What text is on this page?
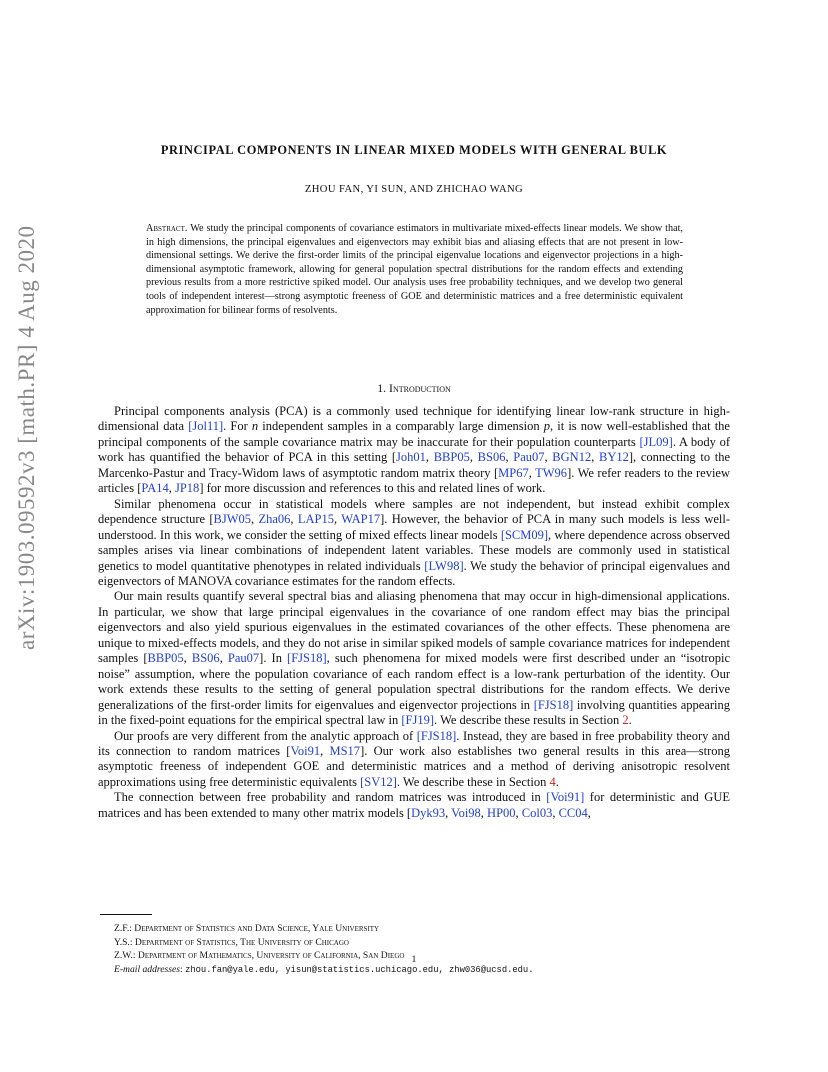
arXiv:1903.09592v3 [math.PR] 4 Aug 2020
PRINCIPAL COMPONENTS IN LINEAR MIXED MODELS WITH GENERAL BULK
ZHOU FAN, YI SUN, AND ZHICHAO WANG
Abstract. We study the principal components of covariance estimators in multivariate mixed-effects linear models. We show that, in high dimensions, the principal eigenvalues and eigenvectors may exhibit bias and aliasing effects that are not present in low-dimensional settings. We derive the first-order limits of the principal eigenvalue locations and eigenvector projections in a high-dimensional asymptotic framework, allowing for general population spectral distributions for the random effects and extending previous results from a more restrictive spiked model. Our analysis uses free probability techniques, and we develop two general tools of independent interest—strong asymptotic freeness of GOE and deterministic matrices and a free deterministic equivalent approximation for bilinear forms of resolvents.
1. Introduction

Principal components analysis (PCA) is a commonly used technique for identifying linear low-rank structure in high-dimensional data [Jol11]. For n independent samples in a comparably large dimension p, it is now well-established that the principal components of the sample covariance matrix may be inaccurate for their population counterparts [JL09]. A body of work has quantified the behavior of PCA in this setting [Joh01, BBP05, BS06, Pau07, BGN12, BY12], connecting to the Marcenko-Pastur and Tracy-Widom laws of asymptotic random matrix theory [MP67, TW96]. We refer readers to the review articles [PA14, JP18] for more discussion and references to this and related lines of work.

Similar phenomena occur in statistical models where samples are not independent, but instead exhibit complex dependence structure [BJW05, Zha06, LAP15, WAP17]. However, the behavior of PCA in many such models is less well-understood. In this work, we consider the setting of mixed effects linear models [SCM09], where dependence across observed samples arises via linear combinations of independent latent variables. These models are commonly used in statistical genetics to model quantitative phenotypes in related individuals [LW98]. We study the behavior of principal eigenvalues and eigenvectors of MANOVA covariance estimates for the random effects.

Our main results quantify several spectral bias and aliasing phenomena that may occur in high-dimensional applications. In particular, we show that large principal eigenvalues in the covariance of one random effect may bias the principal eigenvectors and also yield spurious eigenvalues in the estimated covariances of the other effects. These phenomena are unique to mixed-effects models, and they do not arise in similar spiked models of sample covariance matrices for independent samples [BBP05, BS06, Pau07]. In [FJS18], such phenomena for mixed models were first described under an “isotropic noise” assumption, where the population covariance of each random effect is a low-rank perturbation of the identity. Our work extends these results to the setting of general population spectral distributions for the random effects. We derive generalizations of the first-order limits for eigenvalues and eigenvector projections in [FJS18] involving quantities appearing in the fixed-point equations for the empirical spectral law in [FJ19]. We describe these results in Section 2.

Our proofs are very different from the analytic approach of [FJS18]. Instead, they are based in free probability theory and its connection to random matrices [Voi91, MS17]. Our work also establishes two general results in this area—strong asymptotic freeness of independent GOE and deterministic matrices and a method of deriving anisotropic resolvent approximations using free deterministic equivalents [SV12]. We describe these in Section 4.

The connection between free probability and random matrices was introduced in [Voi91] for deterministic and GUE matrices and has been extended to many other matrix models [Dyk93, Voi98, HP00, Col03, CC04,

Z.F.: Department of Statistics and Data Science, Yale University
Y.S.: Department of Statistics, The University of Chicago
Z.W.: Department of Mathematics, University of California, San Diego
E-mail addresses: zhou.fan@yale.edu, yisun@statistics.uchicago.edu, zhw036@ucsd.edu.
1
